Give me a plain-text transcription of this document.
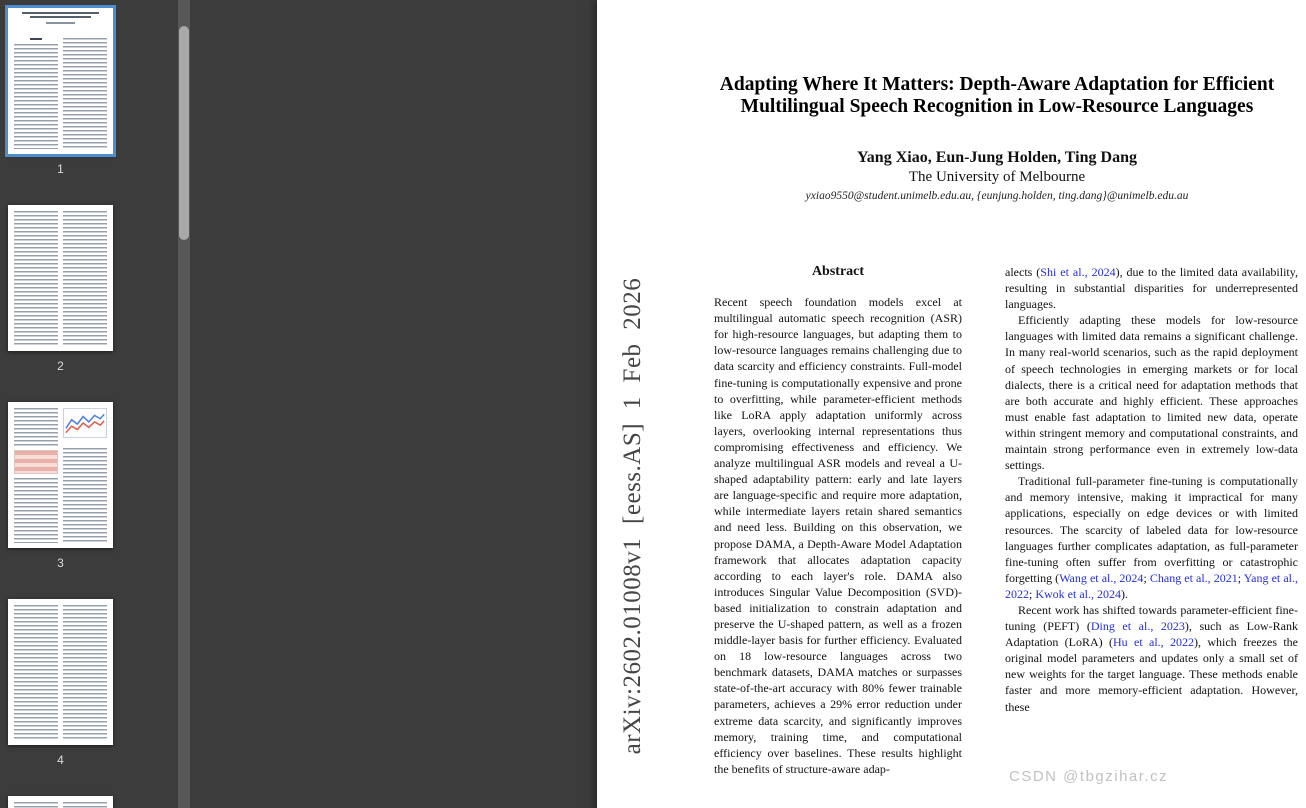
1
2
3
4
arXiv:2602.01008v1 [eess.AS] 1 Feb 2026
Adapting Where It Matters: Depth-Aware Adaptation for Efficient
Multilingual Speech Recognition in Low-Resource Languages
Yang Xiao, Eun-Jung Holden, Ting Dang
The University of Melbourne
yxiao9550@student.unimelb.edu.au, {eunjung.holden, ting.dang}@unimelb.edu.au
Abstract

Recent speech foundation models excel at multilingual automatic speech recognition (ASR) for high-resource languages, but adapting them to low-resource languages remains challenging due to data scarcity and efficiency constraints. Full-model fine-tuning is computationally expensive and prone to overfitting, while parameter-efficient methods like LoRA apply adaptation uniformly across layers, overlooking internal representations thus compromising effectiveness and efficiency. We analyze multilingual ASR models and reveal a U-shaped adaptability pattern: early and late layers are language-specific and require more adaptation, while intermediate layers retain shared semantics and need less. Building on this observation, we propose DAMA, a Depth-Aware Model Adaptation framework that allocates adaptation capacity according to each layer's role. DAMA also introduces Singular Value Decomposition (SVD)-based initialization to constrain adaptation and preserve the U-shaped pattern, as well as a frozen middle-layer basis for further efficiency. Evaluated on 18 low-resource languages across two benchmark datasets, DAMA matches or surpasses state-of-the-art accuracy with 80% fewer trainable parameters, achieves a 29% error reduction under extreme data scarcity, and significantly improves memory, training time, and computational efficiency over baselines. These results highlight the benefits of structure-aware adap-

alects (Shi et al., 2024), due to the limited data availability, resulting in substantial disparities for underrepresented languages.

Efficiently adapting these models for low-resource languages with limited data remains a significant challenge. In many real-world scenarios, such as the rapid deployment of speech technologies in emerging markets or for local dialects, there is a critical need for adaptation methods that are both accurate and highly efficient. These approaches must enable fast adaptation to limited new data, operate within stringent memory and computational constraints, and maintain strong performance even in extremely low-data settings.

Traditional full-parameter fine-tuning is computationally and memory intensive, making it impractical for many applications, especially on edge devices or with limited resources. The scarcity of labeled data for low-resource languages further complicates adaptation, as full-parameter fine-tuning often suffer from overfitting or catastrophic forgetting (Wang et al., 2024; Chang et al., 2021; Yang et al., 2022; Kwok et al., 2024).

Recent work has shifted towards parameter-efficient fine-tuning (PEFT) (Ding et al., 2023), such as Low-Rank Adaptation (LoRA) (Hu et al., 2022), which freezes the original model parameters and updates only a small set of new weights for the target language. These methods enable faster and more memory-efficient adaptation. However, these

CSDN @tbgzihar.cz
